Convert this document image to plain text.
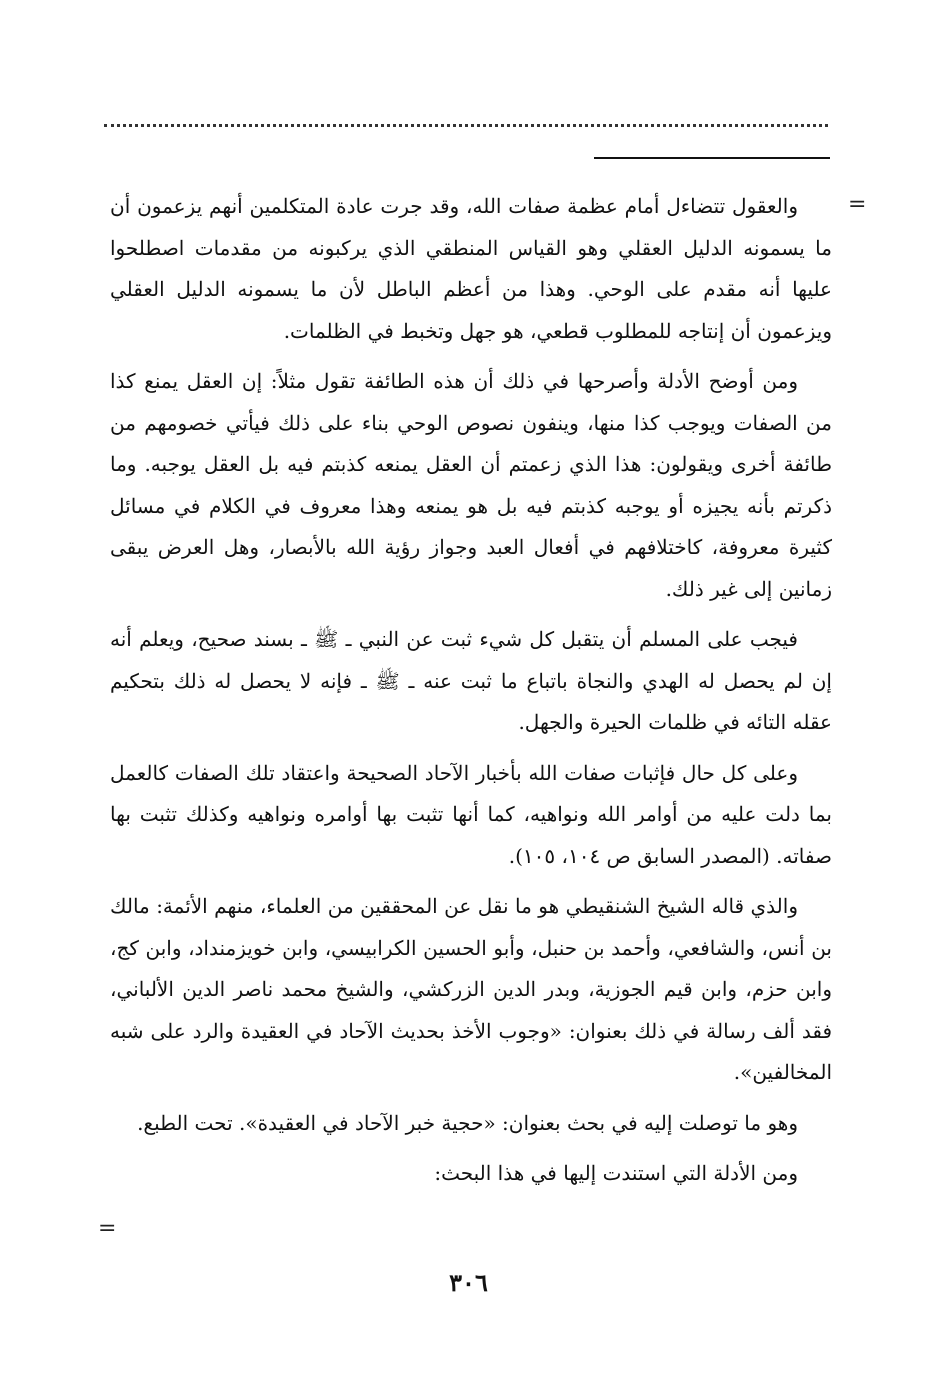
=

والعقول تتضاءل أمام عظمة صفات الله، وقد جرت عادة المتكلمين أنهم يزعمون أن ما يسمونه الدليل العقلي وهو القياس المنطقي الذي يركبونه من مقدمات اصطلحوا عليها أنه مقدم على الوحي. وهذا من أعظم الباطل لأن ما يسمونه الدليل العقلي ويزعمون أن إنتاجه للمطلوب قطعي، هو جهل وتخبط في الظلمات.

ومن أوضح الأدلة وأصرحها في ذلك أن هذه الطائفة تقول مثلاً: إن العقل يمنع كذا من الصفات ويوجب كذا منها، وينفون نصوص الوحي بناء على ذلك فيأتي خصومهم من طائفة أخرى ويقولون: هذا الذي زعمتم أن العقل يمنعه كذبتم فيه بل العقل يوجبه. وما ذكرتم بأنه يجيزه أو يوجبه كذبتم فيه بل هو يمنعه وهذا معروف في الكلام في مسائل كثيرة معروفة، كاختلافهم في أفعال العبد وجواز رؤية الله بالأبصار، وهل العرض يبقى زمانين إلى غير ذلك.

فيجب على المسلم أن يتقبل كل شيء ثبت عن النبي ـ ﷺ ـ بسند صحيح، ويعلم أنه إن لم يحصل له الهدي والنجاة باتباع ما ثبت عنه ـ ﷺ ـ فإنه لا يحصل له ذلك بتحكيم عقله التائه في ظلمات الحيرة والجهل.

وعلى كل حال فإثبات صفات الله بأخبار الآحاد الصحيحة واعتقاد تلك الصفات كالعمل بما دلت عليه من أوامر الله ونواهيه، كما أنها تثبت بها أوامره ونواهيه وكذلك تثبت بها صفاته. (المصدر السابق ص ١٠٤، ١٠٥).

والذي قاله الشيخ الشنقيطي هو ما نقل عن المحققين من العلماء، منهم الأئمة: مالك بن أنس، والشافعي، وأحمد بن حنبل، وأبو الحسين الكرابيسي، وابن خويزمنداد، وابن كج، وابن حزم، وابن قيم الجوزية، وبدر الدين الزركشي، والشيخ محمد ناصر الدين الألباني، فقد ألف رسالة في ذلك بعنوان: «وجوب الأخذ بحديث الآحاد في العقيدة والرد على شبه المخالفين».

وهو ما توصلت إليه في بحث بعنوان: «حجية خبر الآحاد في العقيدة». تحت الطبع.

ومن الأدلة التي استندت إليها في هذا البحث:

=
٣٠٦
